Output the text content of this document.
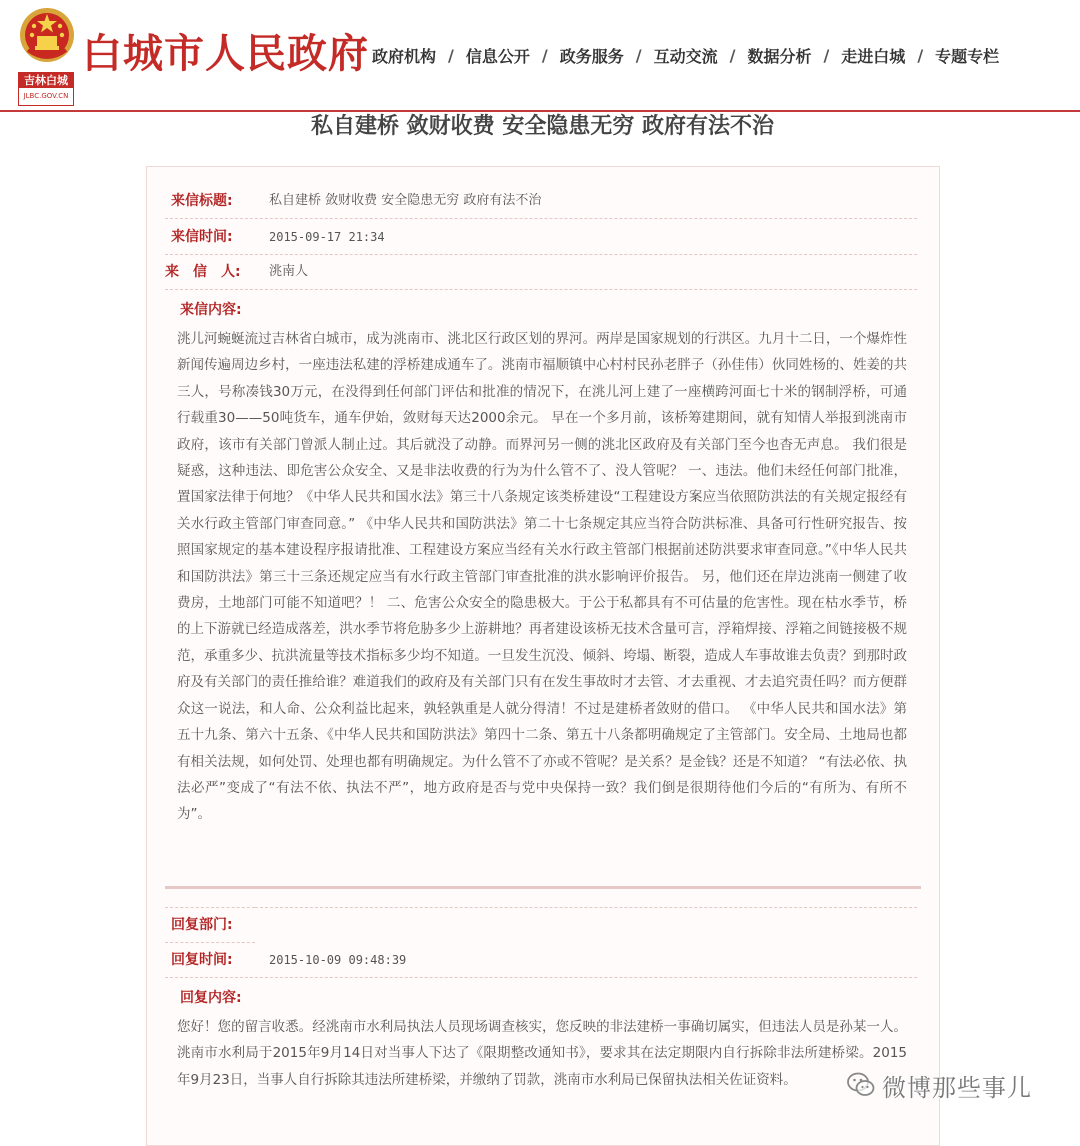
吉林白城
JLBC.GOV.CN
白城市人民政府 政府机构 / 信息公开 / 政务服务 / 互动交流 / 数据分析 / 走进白城 / 专题专栏
私自建桥 敛财收费 安全隐患无穷 政府有法不治
来信标题:	私自建桥 敛财收费 安全隐患无穷 政府有法不治
来信时间:	2015-09-17 21:34
来　信　人: 洮南人
来信内容:
洮儿河蜿蜒流过吉林省白城市，成为洮南市、洮北区行政区划的界河。两岸是国家规划的行洪区。九月十二日，一个爆炸性新闻传遍周边乡村，一座违法私建的浮桥建成通车了。洮南市福顺镇中心村村民孙老胖子（孙佳伟）伙同姓杨的、姓姜的共三人，号称凑钱30万元，在没得到任何部门评估和批准的情况下，在洮儿河上建了一座横跨河面七十米的钢制浮桥，可通行载重30——50吨货车，通车伊始，敛财每天达2000余元。 早在一个多月前，该桥筹建期间，就有知情人举报到洮南市政府，该市有关部门曾派人制止过。其后就没了动静。而界河另一侧的洮北区政府及有关部门至今也杳无声息。 我们很是疑惑，这种违法、即危害公众安全、又是非法收费的行为为什么管不了、没人管呢？ 一、违法。他们未经任何部门批准，置国家法律于何地？《中华人民共和国水法》第三十八条规定该类桥建设“工程建设方案应当依照防洪法的有关规定报经有关水行政主管部门审查同意。” 《中华人民共和国防洪法》第二十七条规定其应当符合防洪标准、具备可行性研究报告、按照国家规定的基本建设程序报请批准、工程建设方案应当经有关水行政主管部门根据前述防洪要求审查同意。”《中华人民共和国防洪法》第三十三条还规定应当有水行政主管部门审查批准的洪水影响评价报告。 另，他们还在岸边洮南一侧建了收费房，土地部门可能不知道吧？！ 二、危害公众安全的隐患极大。于公于私都具有不可估量的危害性。现在枯水季节，桥的上下游就已经造成落差，洪水季节将危胁多少上游耕地？再者建设该桥无技术含量可言，浮箱焊接、浮箱之间链接极不规范，承重多少、抗洪流量等技术指标多少均不知道。一旦发生沉没、倾斜、垮塌、断裂，造成人车事故谁去负责？到那时政府及有关部门的责任推给谁？难道我们的政府及有关部门只有在发生事故时才去管、才去重视、才去追究责任吗？而方便群众这一说法，和人命、公众利益比起来，孰轻孰重是人就分得清！不过是建桥者敛财的借口。 《中华人民共和国水法》第五十九条、第六十五条、《中华人民共和国防洪法》第四十二条、第五十八条都明确规定了主管部门。安全局、土地局也都有相关法规，如何处罚、处理也都有明确规定。为什么管不了亦或不管呢？是关系？是金钱？还是不知道？ “有法必依、执法必严”变成了“有法不依、执法不严”，地方政府是否与党中央保持一致？我们倒是很期待他们今后的“有所为、有所不为”。
回复部门:
回复时间:	2015-10-09 09:48:39
回复内容:
您好！您的留言收悉。经洮南市水利局执法人员现场调查核实，您反映的非法建桥一事确切属实，但违法人员是孙某一人。洮南市水利局于2015年9月14日对当事人下达了《限期整改通知书》，要求其在法定期限内自行拆除非法所建桥梁。2015年9月23日，当事人自行拆除其违法所建桥梁，并缴纳了罚款，洮南市水利局已保留执法相关佐证资料。	微博那些事儿
